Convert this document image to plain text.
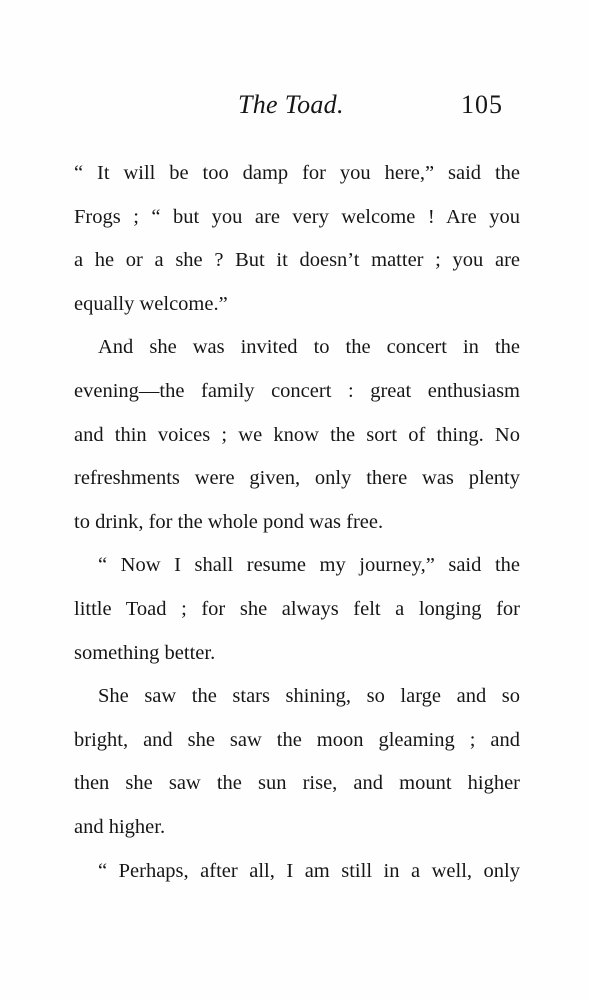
The Toad.	105
“ It will be too damp for you here,” said the
Frogs ; “ but you are very welcome ! Are you
a he or a she ? But it doesn’t matter ; you are
equally welcome.”
And she was invited to the concert in the
evening—the family concert : great enthusiasm
and thin voices ; we know the sort of thing. No
refreshments were given, only there was plenty
to drink, for the whole pond was free.
“ Now I shall resume my journey,” said the
little Toad ; for she always felt a longing for
something better.
She saw the stars shining, so large and so
bright, and she saw the moon gleaming ; and
then she saw the sun rise, and mount higher
and higher.
“ Perhaps, after all, I am still in a well, only
